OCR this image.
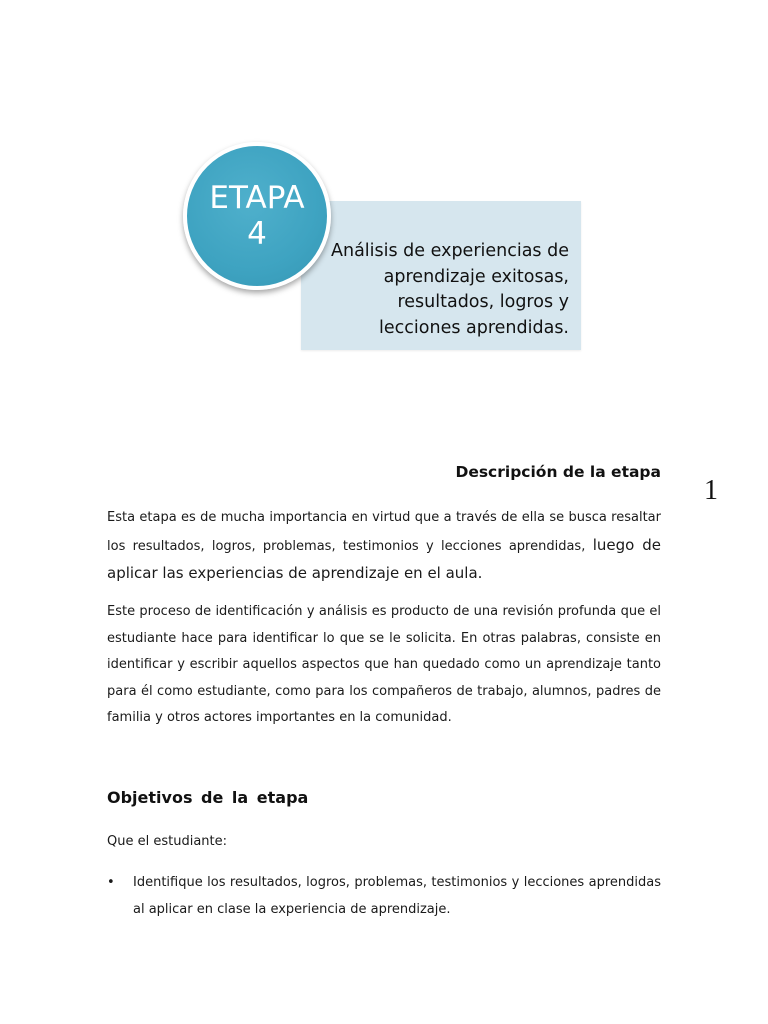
Análisis de experiencias de aprendizaje exitosas, resultados, logros y lecciones aprendidas.
ETAPA
4
1
Descripción de la etapa
Esta etapa es de mucha importancia en virtud que a través de ella se busca resaltar los resultados, logros, problemas, testimonios y lecciones aprendidas, luego de aplicar las experiencias de aprendizaje en el aula.
Este proceso de identificación y análisis es producto de una revisión profunda que el estudiante hace para identificar lo que se le solicita. En otras palabras, consiste en identificar y escribir aquellos aspectos que han quedado como un aprendizaje tanto para él como estudiante, como para los compañeros de trabajo, alumnos, padres de familia y otros actores importantes en la comunidad.
Objetivos de la etapa
Que el estudiante:
• Identifique los resultados, logros, problemas, testimonios y lecciones aprendidas al aplicar en clase la experiencia de aprendizaje.
